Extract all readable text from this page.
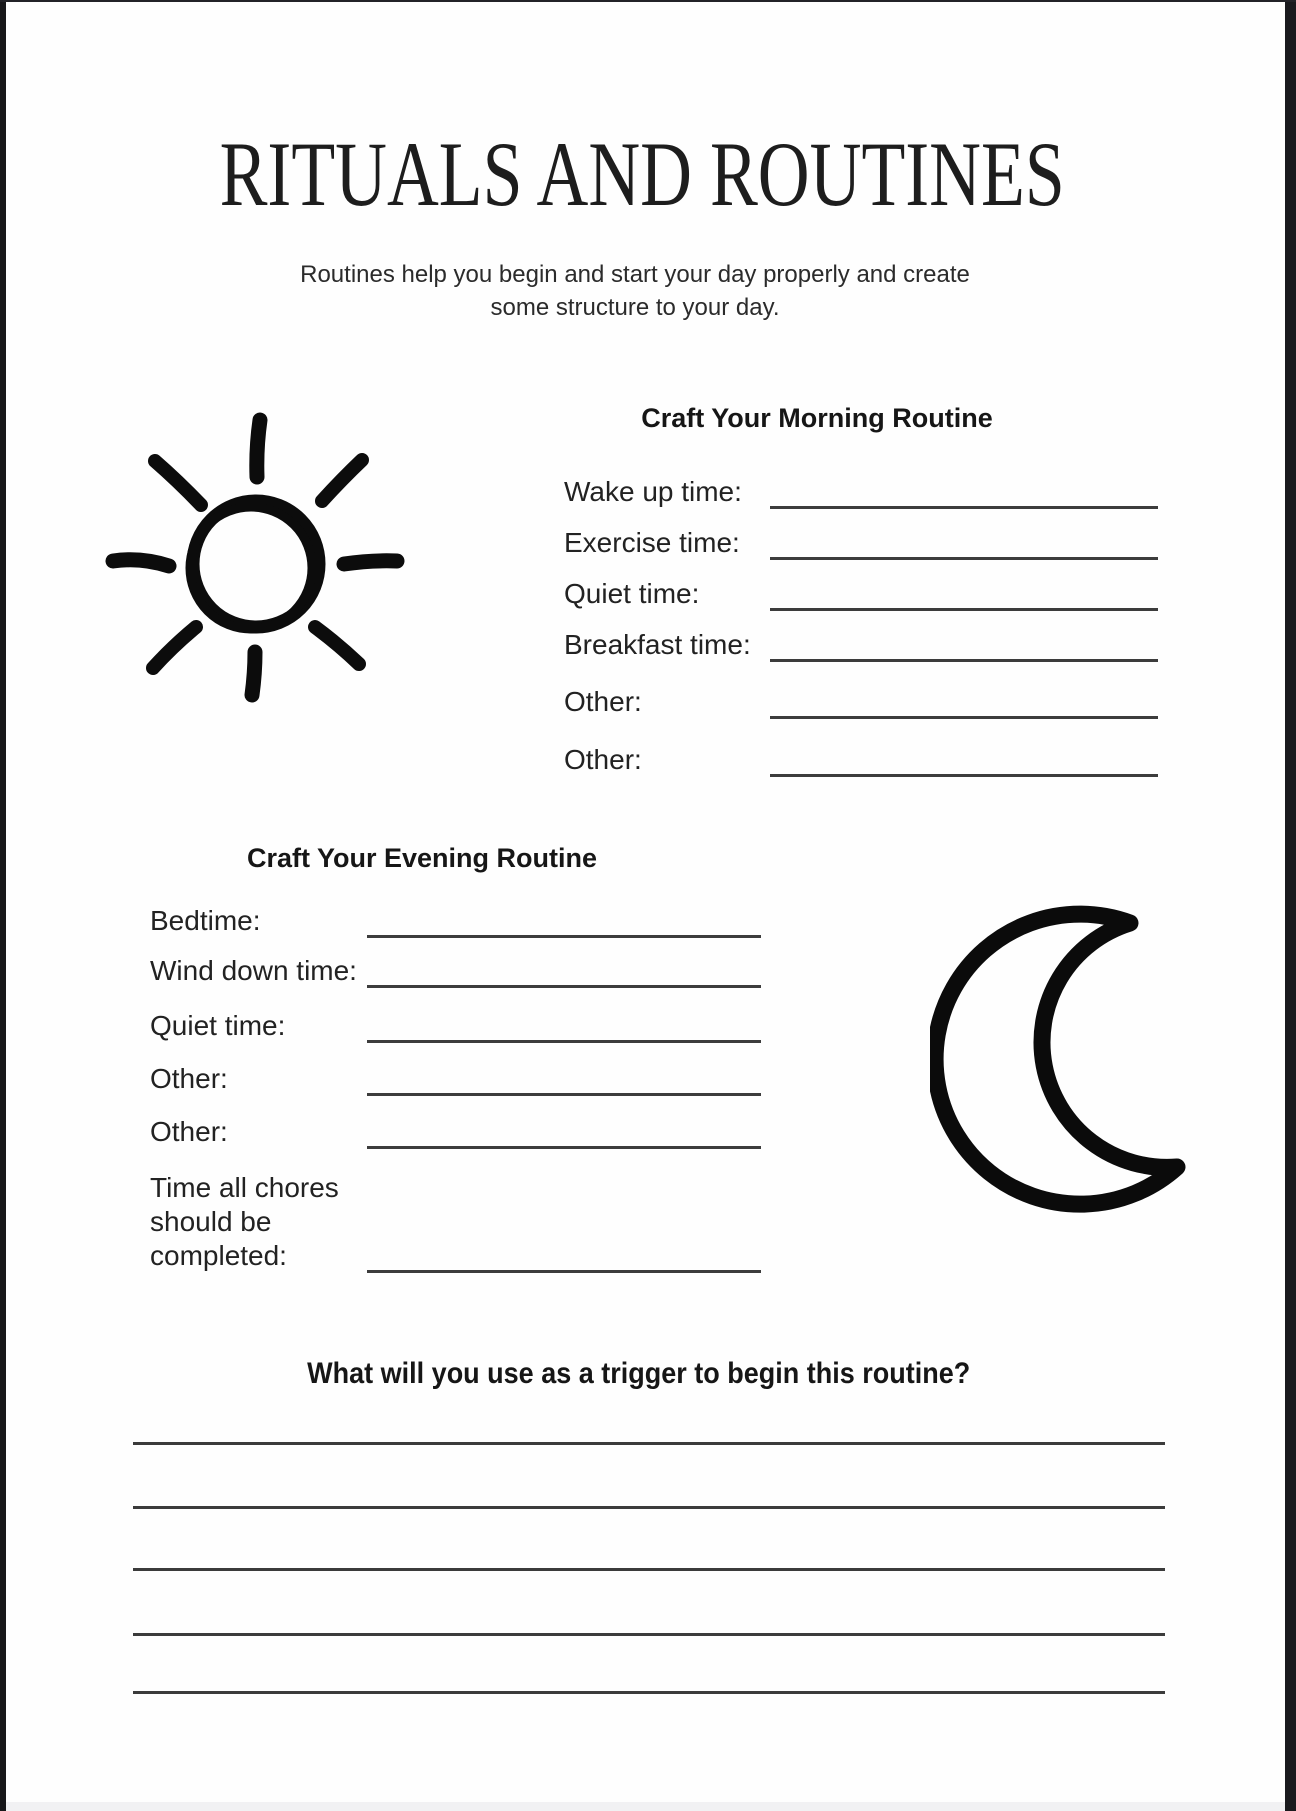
RITUALS AND ROUTINES
Routines help you begin and start your day properly and create
some structure to your day.
Craft Your Morning Routine
Wake up time:
Exercise time:
Quiet time:
Breakfast time:
Other:
Other:
Craft Your Evening Routine
Bedtime:
Wind down time:
Quiet time:
Other:
Other:
Time all chores
should be
completed:
What will you use as a trigger to begin this routine?
